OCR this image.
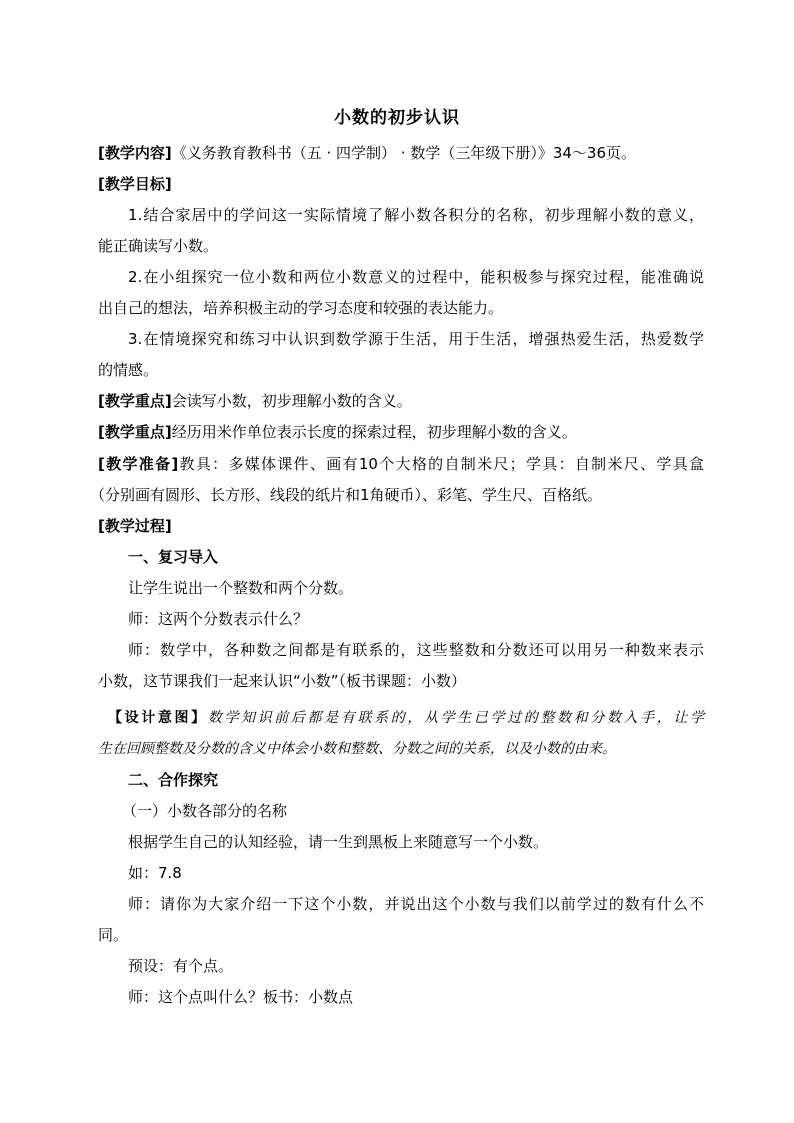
小数的初步认识
[教学内容]《义务教育教科书（五 · 四学制） · 数学（三年级下册）》34～36页。
[教学目标]
1.结合家居中的学问这一实际情境了解小数各积分的名称，初步理解小数的意义，
能正确读写小数。
2.在小组探究一位小数和两位小数意义的过程中，能积极参与探究过程，能准确说
出自己的想法，培养积极主动的学习态度和较强的表达能力。
3.在情境探究和练习中认识到数学源于生活，用于生活，增强热爱生活，热爱数学
的情感。
[教学重点]会读写小数，初步理解小数的含义。
[教学重点]经历用米作单位表示长度的探索过程，初步理解小数的含义。
[教学准备]教具：多媒体课件、画有10个大格的自制米尺；学具：自制米尺、学具盒
（分别画有圆形、长方形、线段的纸片和1角硬币）、彩笔、学生尺、百格纸。
[教学过程]
一、复习导入
让学生说出一个整数和两个分数。
师：这两个分数表示什么？
师：数学中，各种数之间都是有联系的，这些整数和分数还可以用另一种数来表示
小数，这节课我们一起来认识“小数”（板书课题：小数）
【设计意图】数学知识前后都是有联系的，从学生已学过的整数和分数入手，让学
生在回顾整数及分数的含义中体会小数和整数、分数之间的关系，以及小数的由来。
二、合作探究
（一）小数各部分的名称
根据学生自己的认知经验，请一生到黑板上来随意写一个小数。
如：7.8
师：请你为大家介绍一下这个小数，并说出这个小数与我们以前学过的数有什么不
同。
预设：有个点。
师：这个点叫什么？板书：小数点
